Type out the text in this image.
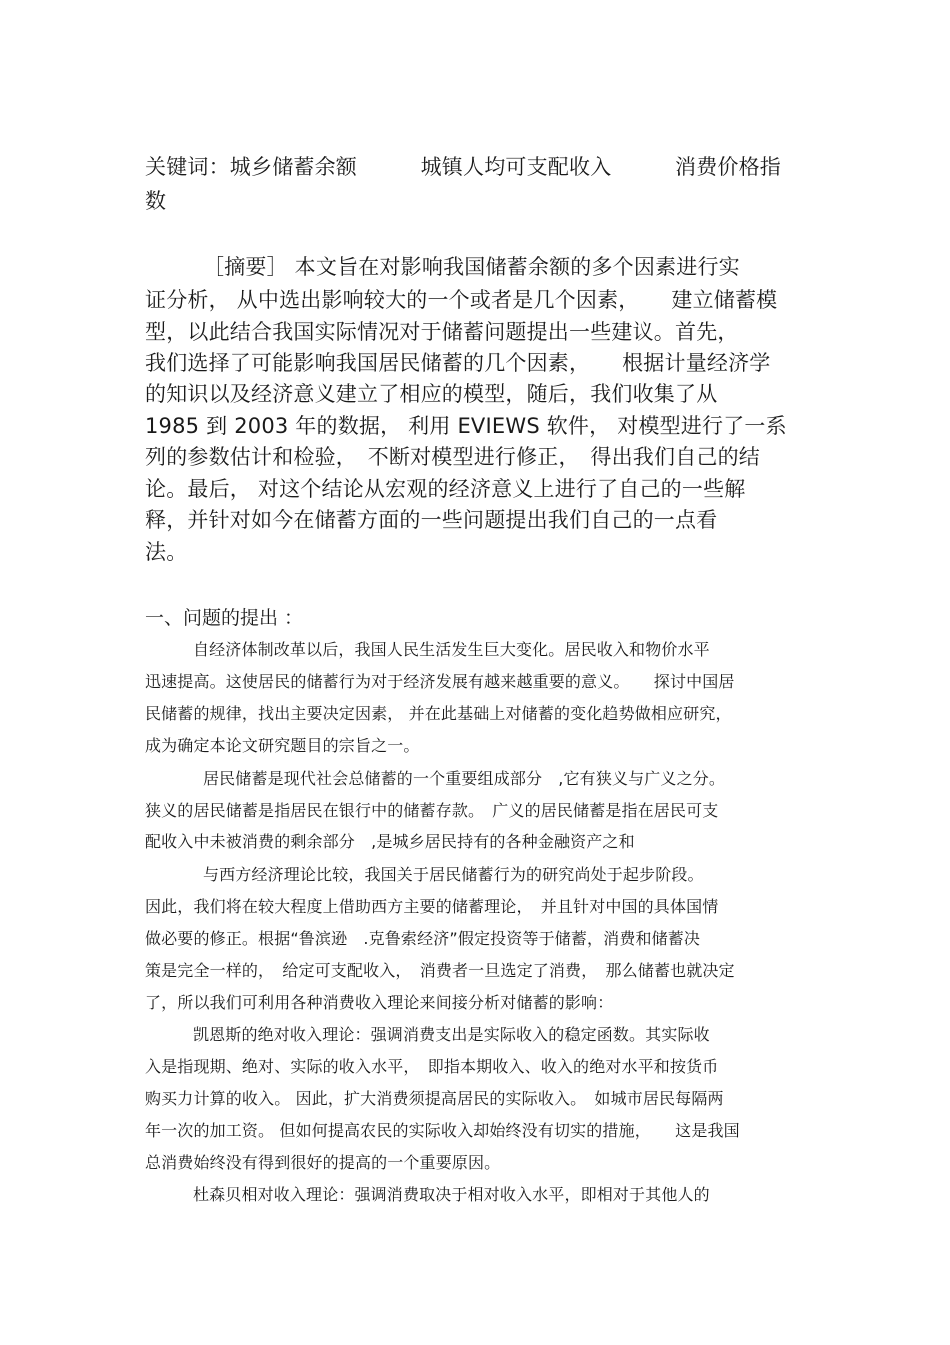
关键词：城乡储蓄余额　　　城镇人均可支配收入　　　消费价格指
数
［摘要］ 本文旨在对影响我国储蓄余额的多个因素进行实
证分析， 从中选出影响较大的一个或者是几个因素，　　建立储蓄模
型，以此结合我国实际情况对于储蓄问题提出一些建议。首先，
我们选择了可能影响我国居民储蓄的几个因素，　　根据计量经济学
的知识以及经济意义建立了相应的模型，随后，我们收集了从
1985 到 2003 年的数据， 利用 EVIEWS 软件， 对模型进行了一系
列的参数估计和检验，　不断对模型进行修正，　得出我们自己的结
论。最后， 对这个结论从宏观的经济意义上进行了自己的一些解
释，并针对如今在储蓄方面的一些问题提出我们自己的一点看
法。
一、问题的提出 ：
自经济体制改革以后，我国人民生活发生巨大变化。居民收入和物价水平
迅速提高。这使居民的储蓄行为对于经济发展有越来越重要的意义。　　探讨中国居
民储蓄的规律，找出主要决定因素， 并在此基础上对储蓄的变化趋势做相应研究，
成为确定本论文研究题目的宗旨之一。
居民储蓄是现代社会总储蓄的一个重要组成部分　,它有狭义与广义之分。
狭义的居民储蓄是指居民在银行中的储蓄存款。　广义的居民储蓄是指在居民可支
配收入中未被消费的剩余部分　,是城乡居民持有的各种金融资产之和
与西方经济理论比较，我国关于居民储蓄行为的研究尚处于起步阶段。
因此，我们将在较大程度上借助西方主要的储蓄理论，　并且针对中国的具体国情
做必要的修正。根据“鲁滨逊　.克鲁索经济”假定投资等于储蓄，消费和储蓄决
策是完全一样的，　给定可支配收入，　消费者一旦选定了消费，　那么储蓄也就决定
了，所以我们可利用各种消费收入理论来间接分析对储蓄的影响：
凯恩斯的绝对收入理论：强调消费支出是实际收入的稳定函数。其实际收
入是指现期、绝对、实际的收入水平，　即指本期收入、收入的绝对水平和按货币
购买力计算的收入。 因此，扩大消费须提高居民的实际收入。　如城市居民每隔两
年一次的加工资。 但如何提高农民的实际收入却始终没有切实的措施，　　这是我国
总消费始终没有得到很好的提高的一个重要原因。
杜森贝相对收入理论：强调消费取决于相对收入水平，即相对于其他人的
